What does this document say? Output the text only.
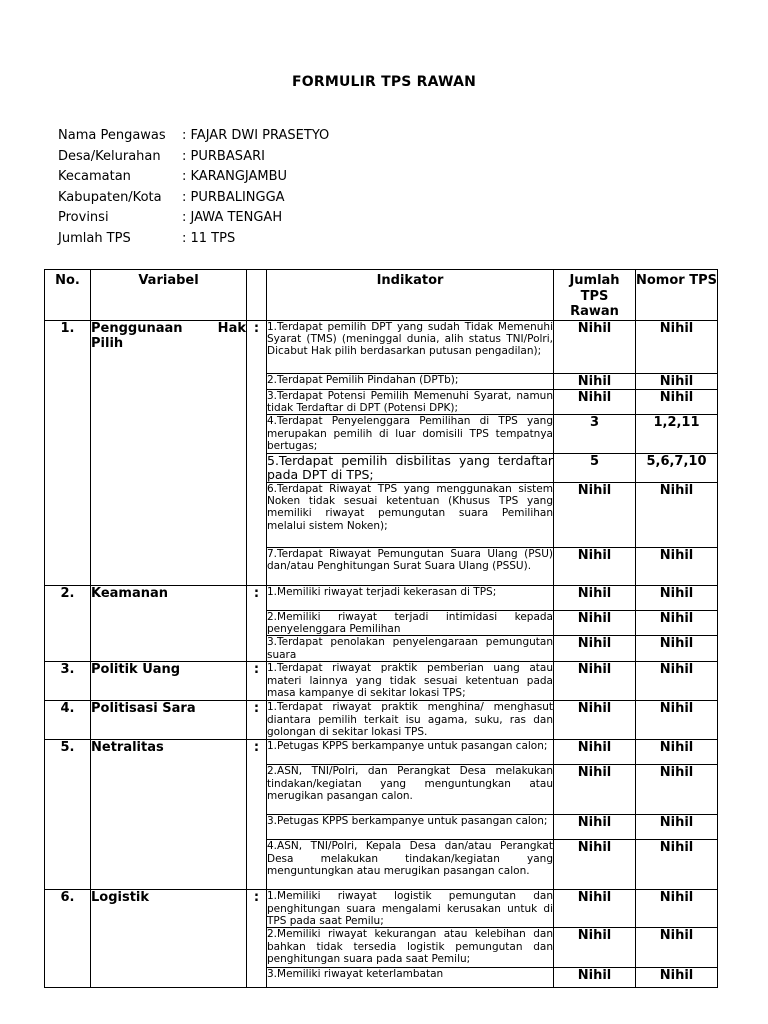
FORMULIR TPS RAWAN
Nama Pengawas : FAJAR DWI PRASETYO
Desa/Kelurahan : PURBASARI
Kecamatan	: KARANGJAMBU
Kabupaten/Kota : PURBALINGGA
Provinsi	: JAWA TENGAH
Jumlah TPS	: 11 TPS
No.	Variabel		Indikator	Jumlah TPS Rawan	Nomor TPS
1.	Penggunaan Hak Pilih	:	1.Terdapat pemilih DPT yang sudah Tidak Memenuhi Syarat (TMS) (meninggal dunia, alih status TNI/Polri, Dicabut Hak pilih berdasarkan putusan pengadilan);	Nihil	Nihil
			2.Terdapat Pemilih Pindahan (DPTb);	Nihil	Nihil
			3.Terdapat Potensi Pemilih Memenuhi Syarat, namun tidak Terdaftar di DPT (Potensi DPK);	Nihil	Nihil
			4.Terdapat Penyelenggara Pemilihan di TPS yang merupakan pemilih di luar domisili TPS tempatnya bertugas;	3	1,2,11
			5.Terdapat pemilih disbilitas yang terdaftar pada DPT di TPS;	5	5,6,7,10
			6.Terdapat Riwayat TPS yang menggunakan sistem Noken tidak sesuai ketentuan (Khusus TPS yang memiliki riwayat pemungutan suara Pemilihan melalui sistem Noken);	Nihil	Nihil
			7.Terdapat Riwayat Pemungutan Suara Ulang (PSU) dan/atau Penghitungan Surat Suara Ulang (PSSU).	Nihil	Nihil
2.	Keamanan	:	1.Memiliki riwayat terjadi kekerasan di TPS;	Nihil	Nihil
			2.Memiliki riwayat terjadi intimidasi kepada penyelenggara Pemilihan	Nihil	Nihil
			3.Terdapat penolakan penyelengaraan pemungutan suara	Nihil	Nihil
3.	Politik Uang	:	1.Terdapat riwayat praktik pemberian uang atau materi lainnya yang tidak sesuai ketentuan pada masa kampanye di sekitar lokasi TPS;	Nihil	Nihil
4.	Politisasi Sara	:	1.Terdapat riwayat praktik menghina/ menghasut diantara pemilih terkait isu agama, suku, ras dan golongan di sekitar lokasi TPS.	Nihil	Nihil
5.	Netralitas	:	1.Petugas KPPS berkampanye untuk pasangan calon;	Nihil	Nihil
			2.ASN, TNI/Polri, dan Perangkat Desa melakukan tindakan/kegiatan yang menguntungkan atau merugikan pasangan calon.	Nihil	Nihil
			3.Petugas KPPS berkampanye untuk pasangan calon;	Nihil	Nihil
			4.ASN, TNI/Polri, Kepala Desa dan/atau Perangkat Desa melakukan tindakan/kegiatan yang menguntungkan atau merugikan pasangan calon.	Nihil	Nihil
6.	Logistik	:	1.Memiliki riwayat logistik pemungutan dan penghitungan suara mengalami kerusakan untuk di TPS pada saat Pemilu;	Nihil	Nihil
			2.Memiliki riwayat kekurangan atau kelebihan dan bahkan tidak tersedia logistik pemungutan dan penghitungan suara pada saat Pemilu;	Nihil	Nihil
			3.Memiliki riwayat keterlambatan	Nihil	Nihil
